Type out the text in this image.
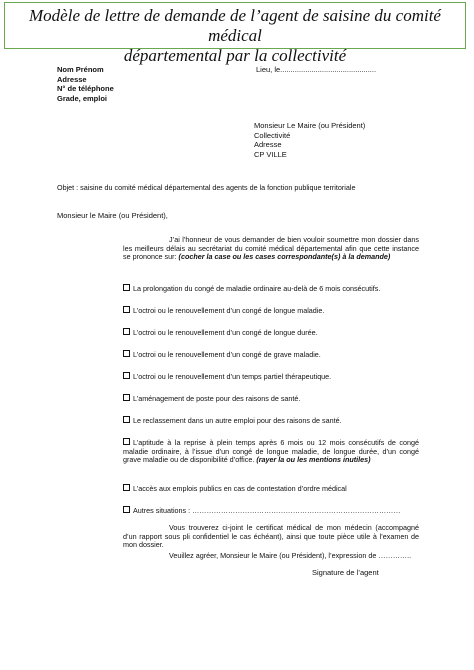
Modèle de lettre de demande de l’agent de saisine du comité médical
départemental par la collectivité
Nom Prénom
Adresse
N° de téléphone
Grade, emploi
Lieu, le..............................................
Monsieur Le Maire (ou Président)
Collectivité
Adresse
CP VILLE
Objet : saisine du comité médical départemental des agents de la fonction publique territoriale
Monsieur le Maire (ou Président),
J’ai l’honneur de vous demander de bien vouloir soumettre mon dossier dans les meilleurs délais au secrétariat du comité médical départemental afin que cette instance se prononce sur: (cocher la case ou les cases correspondante(s) à la demande)
La prolongation du congé de maladie ordinaire au-delà de 6 mois consécutifs.
L’octroi ou le renouvellement d’un congé de longue maladie.
L’octroi ou le renouvellement d’un congé de longue durée.
L’octroi ou le renouvellement d’un congé de grave maladie.
L’octroi ou le renouvellement d’un temps partiel thérapeutique.
L’aménagement de poste pour des raisons de santé.
Le reclassement dans un autre emploi pour des raisons de santé.
L’aptitude à la reprise à plein temps après 6 mois ou 12 mois consécutifs de congé maladie ordinaire, à l’issue d’un congé de longue maladie, de longue durée, d’un congé grave maladie ou de disponibilité d’office. (rayer la ou les mentions inutiles)
L’accès aux emplois publics en cas de contestation d’ordre médical
Autres situations : ……………………………………………………………………………
Vous trouverez ci-joint le certificat médical de mon médecin (accompagné d’un rapport sous pli confidentiel le cas échéant), ainsi que toute pièce utile à l’examen de mon dossier.
Veuillez agréer, Monsieur le Maire (ou Président), l’expression de …………..
Signature de l’agent
